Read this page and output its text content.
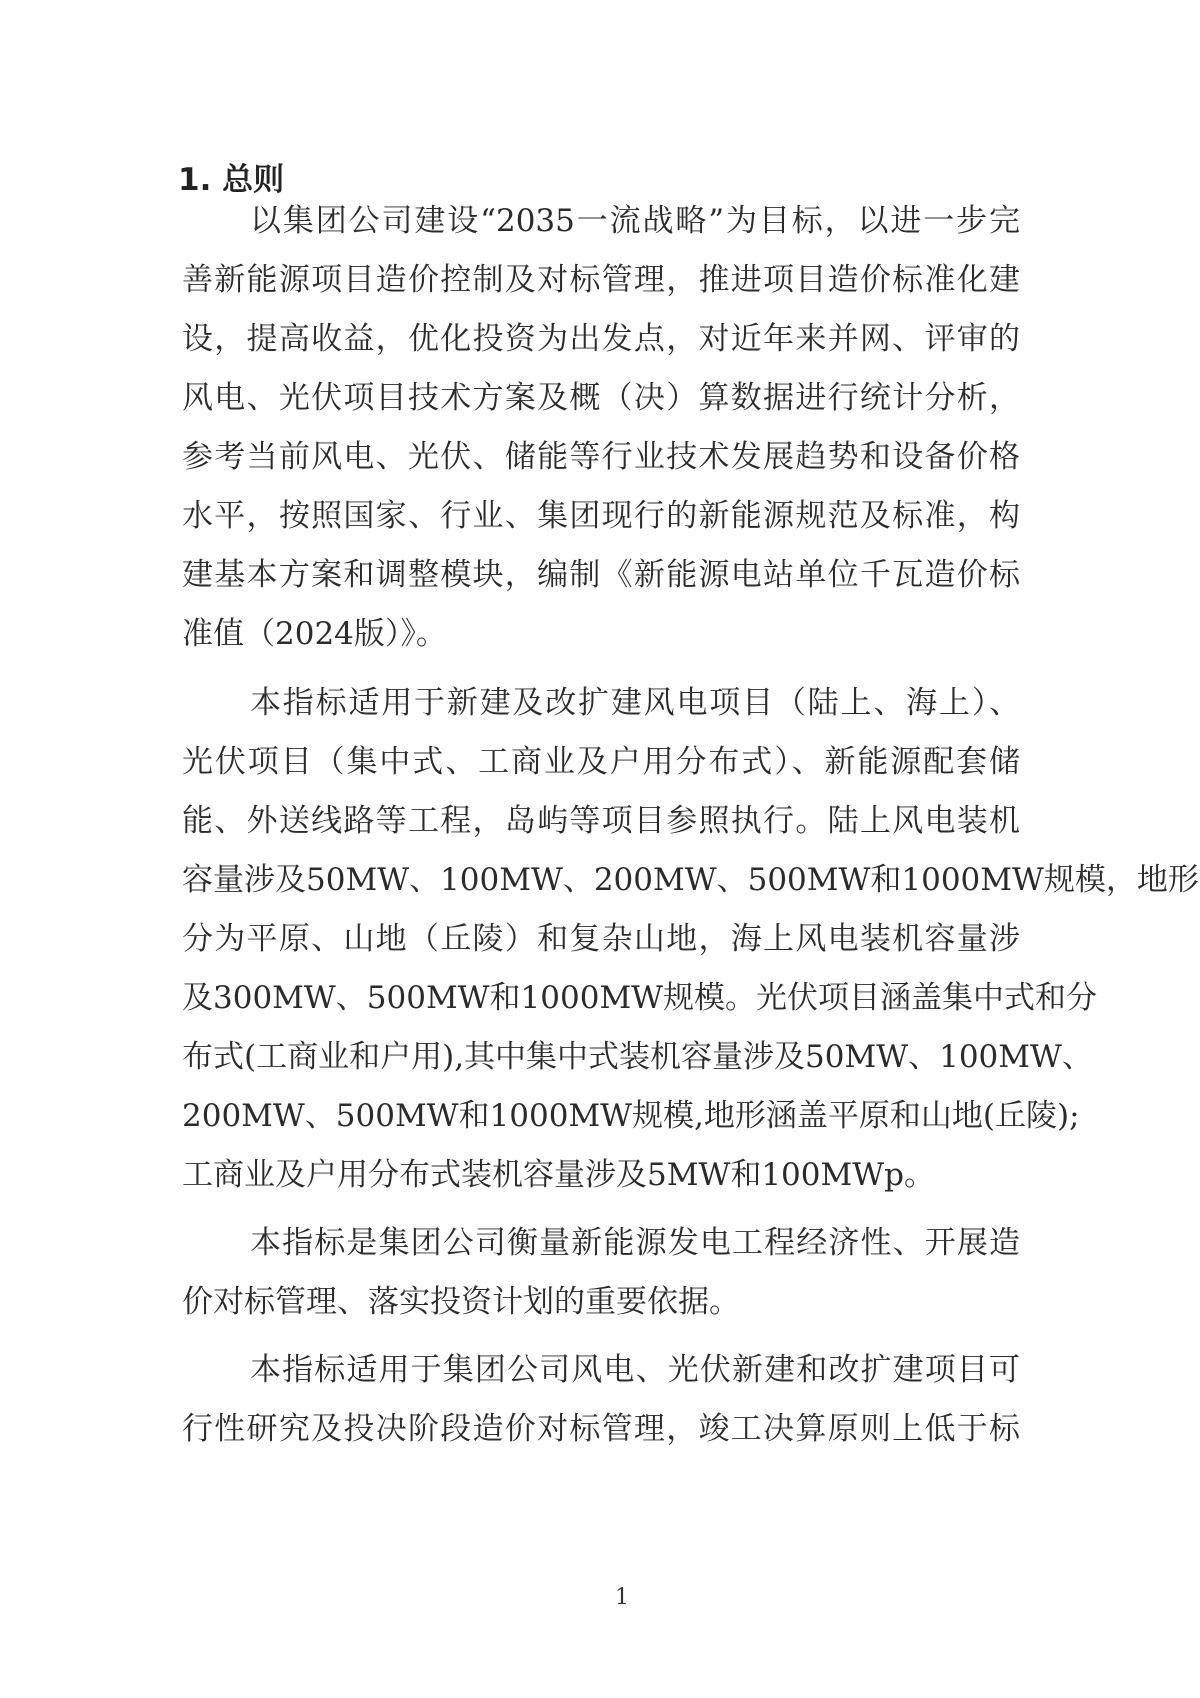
1. 总则

以集团公司建设“2035一流战略”为目标，以进一步完

善新能源项目造价控制及对标管理，推进项目造价标准化建

设，提高收益，优化投资为出发点，对近年来并网、评审的

风电、光伏项目技术方案及概（决）算数据进行统计分析，

参考当前风电、光伏、储能等行业技术发展趋势和设备价格

水平，按照国家、行业、集团现行的新能源规范及标准，构

建基本方案和调整模块，编制《新能源电站单位千瓦造价标

准值（2024版）》。

本指标适用于新建及改扩建风电项目（陆上、海上）、

光伏项目（集中式、工商业及户用分布式）、新能源配套储

能、外送线路等工程，岛屿等项目参照执行。陆上风电装机

容量涉及50MW、100MW、200MW、500MW和1000MW规模，地形

分为平原、山地（丘陵）和复杂山地，海上风电装机容量涉

及300MW、500MW和1000MW规模。光伏项目涵盖集中式和分

布式(工商业和户用),其中集中式装机容量涉及50MW、100MW、

200MW、500MW和1000MW规模,地形涵盖平原和山地(丘陵);

工商业及户用分布式装机容量涉及5MW和100MWp。

本指标是集团公司衡量新能源发电工程经济性、开展造

价对标管理、落实投资计划的重要依据。

本指标适用于集团公司风电、光伏新建和改扩建项目可

行性研究及投决阶段造价对标管理，竣工决算原则上低于标

1
